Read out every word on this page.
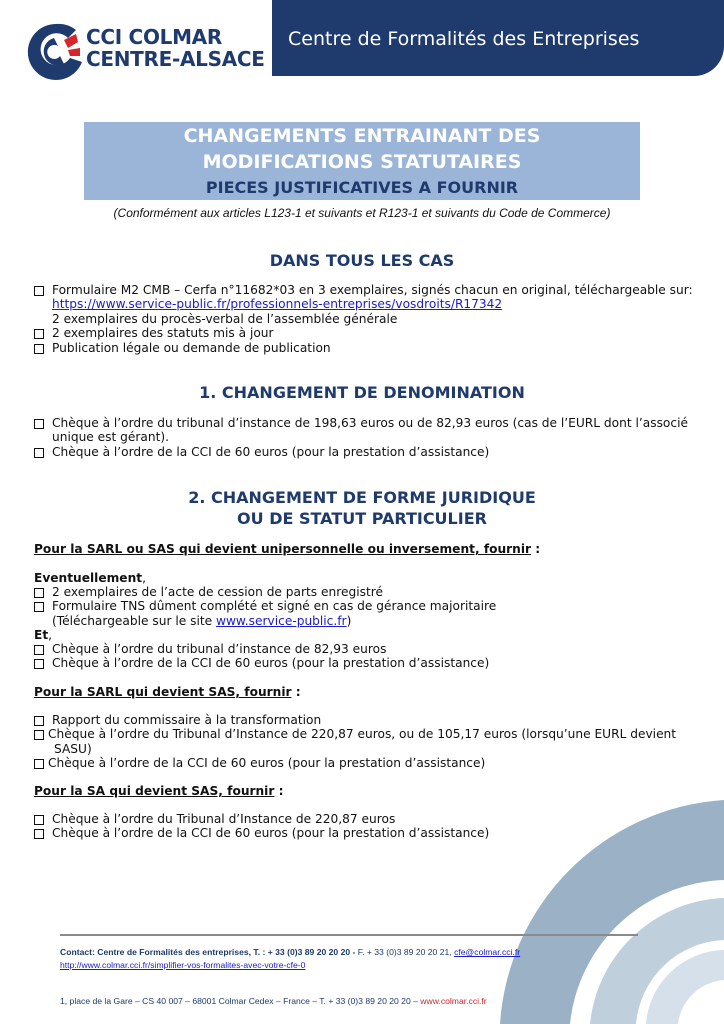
CCI COLMAR
CENTRE-ALSACE
Centre de Formalités des Entreprises
CHANGEMENTS ENTRAINANT DES
MODIFICATIONS STATUTAIRES
PIECES JUSTIFICATIVES A FOURNIR
(Conformément aux articles L123-1 et suivants et R123-1 et suivants du Code de Commerce)
DANS TOUS LES CAS
Formulaire M2 CMB – Cerfa n°11682*03 en 3 exemplaires, signés chacun en original, téléchargeable sur:
https://www.service-public.fr/professionnels-entreprises/vosdroits/R17342
2 exemplaires du procès-verbal de l’assemblée générale
2 exemplaires des statuts mis à jour
Publication légale ou demande de publication
1. CHANGEMENT DE DENOMINATION
Chèque à l’ordre du tribunal d’instance de 198,63 euros ou de 82,93 euros (cas de l’EURL dont l’associé
unique est gérant).
Chèque à l’ordre de la CCI de 60 euros (pour la prestation d’assistance)
2. CHANGEMENT DE FORME JURIDIQUE
OU DE STATUT PARTICULIER
Pour la SARL ou SAS qui devient unipersonnelle ou inversement, fournir :
Eventuellement,
2 exemplaires de l’acte de cession de parts enregistré
Formulaire TNS dûment complété et signé en cas de gérance majoritaire
(Téléchargeable sur le site www.service-public.fr)
Et,
Chèque à l’ordre du tribunal d’instance de 82,93 euros
Chèque à l’ordre de la CCI de 60 euros (pour la prestation d’assistance)
Pour la SARL qui devient SAS, fournir :
Rapport du commissaire à la transformation
Chèque à l’ordre du Tribunal d’Instance de 220,87 euros, ou de 105,17 euros (lorsqu’une EURL devient
SASU)
Chèque à l’ordre de la CCI de 60 euros (pour la prestation d’assistance)
Pour la SA qui devient SAS, fournir :
Chèque à l’ordre du Tribunal d’Instance de 220,87 euros
Chèque à l’ordre de la CCI de 60 euros (pour la prestation d’assistance)
Contact: Centre de Formalités des entreprises, T. : + 33 (0)3 89 20 20 20 - F. + 33 (0)3 89 20 20 21, cfe@colmar.cci.fr
http://www.colmar.cci.fr/simplifier-vos-formalites-avec-votre-cfe-0
1, place de la Gare – CS 40 007 – 68001 Colmar Cedex – France – T. + 33 (0)3 89 20 20 20 – www.colmar.cci.fr
